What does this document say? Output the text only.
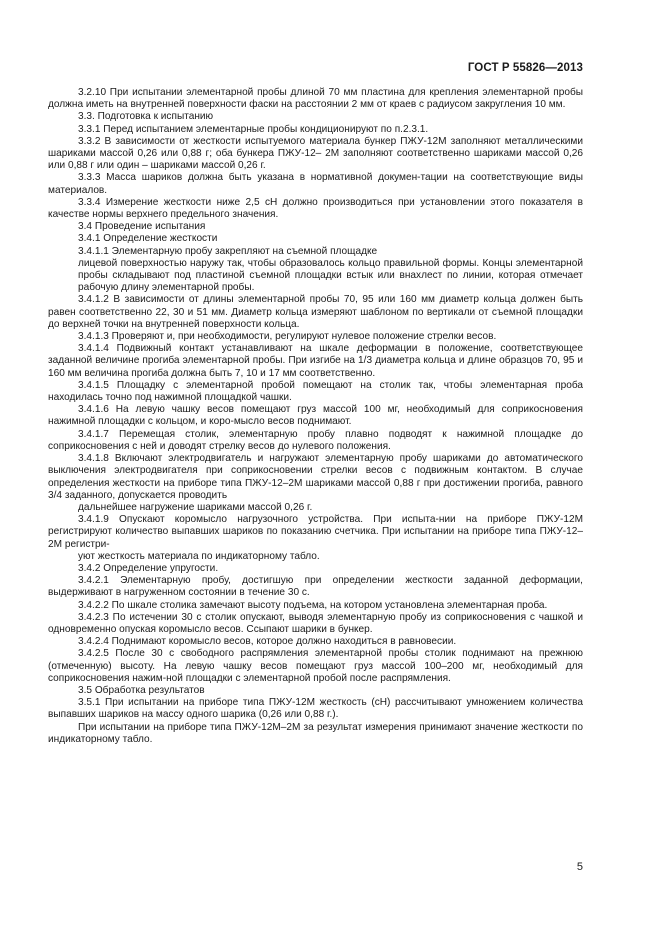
ГОСТ Р 55826—2013

3.2.10 При испытании элементарной пробы длиной 70 мм пластина для крепления элементарной пробы должна иметь на внутренней поверхности фаски на расстоянии 2 мм от краев с радиусом закругления 10 мм.

3.3. Подготовка к испытанию

3.3.1 Перед испытанием элементарные пробы кондиционируют по п.2.3.1.

3.3.2 В зависимости от жесткости испытуемого материала бункер ПЖУ-12М заполняют металлическими шариками массой 0,26 или 0,88 г; оба бункера ПЖУ-12– 2М заполняют соответственно шариками массой 0,26 или 0,88 г или один – шариками массой 0,26 г.

3.3.3 Масса шариков должна быть указана в нормативной докумен-тации на соответствующие виды материалов.

3.3.4 Измерение жесткости ниже 2,5 сН должно производиться при установлении этого показателя в качестве нормы верхнего предельного значения.

3.4 Проведение испытания

3.4.1 Определение жесткости

3.4.1.1 Элементарную пробу закрепляют на съемной площадке

лицевой поверхностью наружу так, чтобы образовалось кольцо правильной формы. Концы элементарной пробы складывают под пластиной съемной площадки встык или внахлест по линии, которая отмечает рабочую длину элементарной пробы.

3.4.1.2 В зависимости от длины элементарной пробы 70, 95 или 160 мм диаметр кольца должен быть равен соответственно 22, 30 и 51 мм. Диаметр кольца измеряют шаблоном по вертикали от съемной площадки до верхней точки на внутренней поверхности кольца.

3.4.1.3 Проверяют и, при необходимости, регулируют нулевое положение стрелки весов.

3.4.1.4 Подвижный контакт устанавливают на шкале деформации в положение, соответствующее заданной величине прогиба элементарной пробы. При изгибе на 1/3 диаметра кольца и длине образцов 70, 95 и 160 мм величина прогиба должна быть 7, 10 и 17 мм соответственно.

3.4.1.5 Площадку с элементарной пробой помещают на столик так, чтобы элементарная проба находилась точно под нажимной площадкой чашки.

3.4.1.6 На левую чашку весов помещают груз массой 100 мг, необходимый для соприкосновения нажимной площадки с кольцом, и коро-мысло весов поднимают.

3.4.1.7 Перемещая столик, элементарную пробу плавно подводят к нажимной площадке до соприкосновения с ней и доводят стрелку весов до нулевого положения.

3.4.1.8 Включают электродвигатель и нагружают элементарную пробу шариками до автоматического выключения электродвигателя при соприкосновении стрелки весов с подвижным контактом. В случае определения жесткости на приборе типа ПЖУ-12–2М шариками массой 0,88 г при достижении прогиба, равного 3/4 заданного, допускается проводить

дальнейшее нагружение шариками массой 0,26 г.

3.4.1.9 Опускают коромысло нагрузочного устройства. При испыта-нии на приборе ПЖУ-12М регистрируют количество выпавших шариков по показанию счетчика. При испытании на приборе типа ПЖУ-12–2М регистри-

уют жесткость материала по индикаторному табло.

3.4.2 Определение упругости.

3.4.2.1 Элементарную пробу, достигшую при определении жесткости заданной деформации, выдерживают в нагруженном состоянии в течение 30 с.

3.4.2.2 По шкале столика замечают высоту подъема, на котором установлена элементарная проба.

3.4.2.3 По истечении 30 с столик опускают, выводя элементарную пробу из соприкосновения с чашкой и одновременно опуская коромысло весов. Ссыпают шарики в бункер.

3.4.2.4 Поднимают коромысло весов, которое должно находиться в равновесии.

3.4.2.5 После 30 с свободного распрямления элементарной пробы столик поднимают на прежнюю (отмеченную) высоту. На левую чашку весов помещают груз массой 100–200 мг, необходимый для соприкосновения нажим-ной площадки с элементарной пробой после распрямления.

3.5 Обработка результатов

3.5.1 При испытании на приборе типа ПЖУ-12М жесткость (сН) рассчитывают умножением количества выпавших шариков на массу одного шарика (0,26 или 0,88 г.).

При испытании на приборе типа ПЖУ-12М–2М за результат измерения принимают значение жесткости по индикаторному табло.

5
